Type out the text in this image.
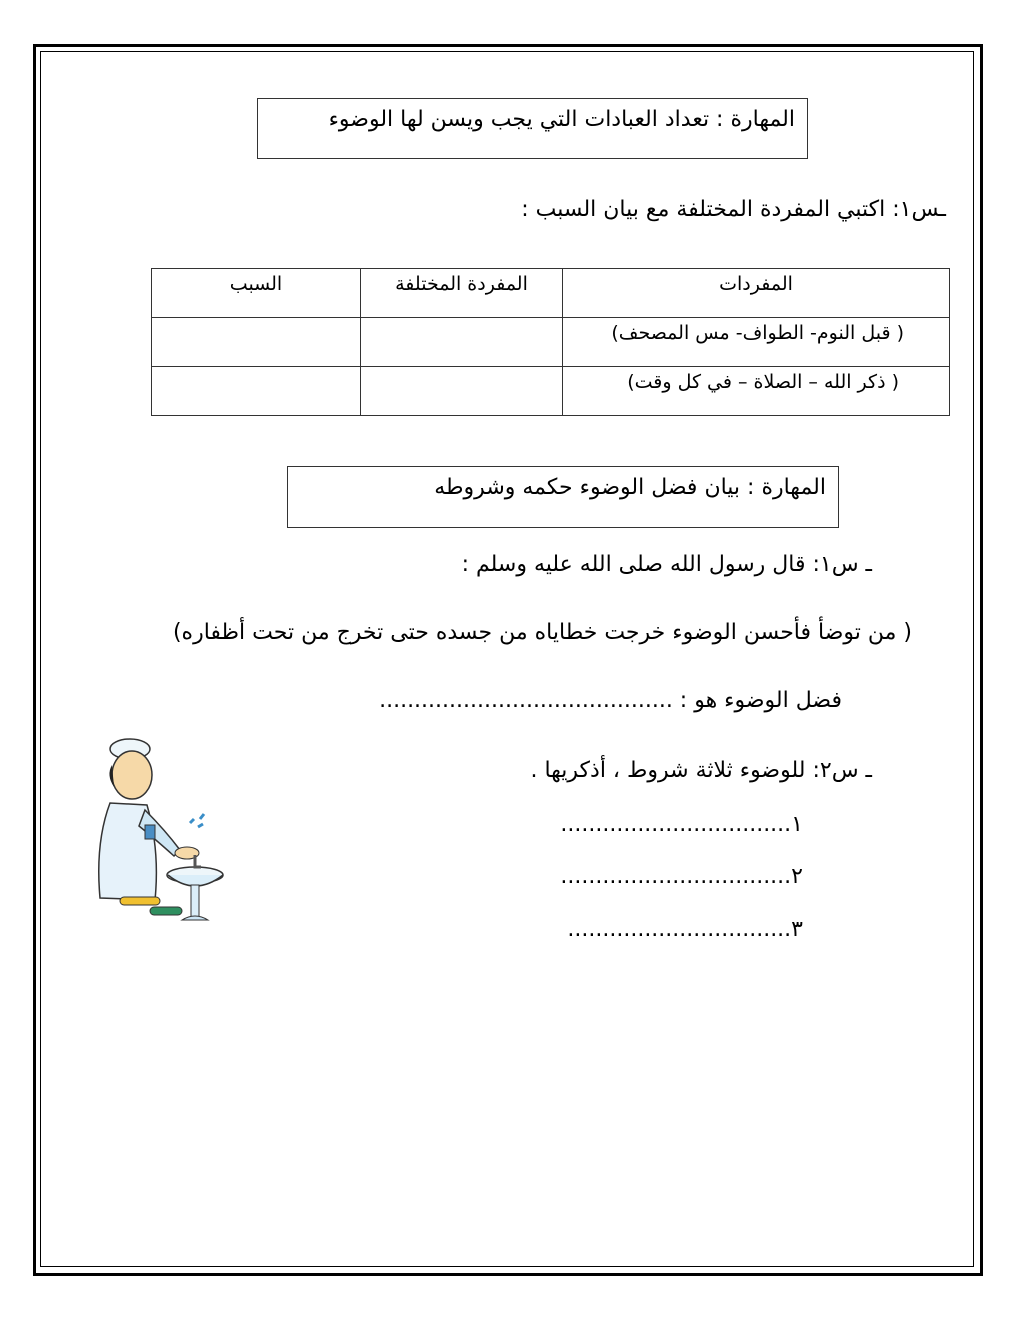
المهارة : تعداد العبادات التي يجب ويسن لها الوضوء
ـس١: اكتبي المفردة المختلفة مع بيان السبب :
المفردات	المفردة المختلفة	السبب
( قبل النوم- الطواف- مس المصحف)		
( ذكر الله – الصلاة – في كل وقت)		
المهارة : بيان فضل الوضوء حكمه وشروطه
ـ س١: قال رسول الله صلى الله عليه وسلم :
( من توضأ فأحسن الوضوء خرجت خطاياه من جسده حتى تخرج من تحت أظفاره)
فضل الوضوء هو : ..........................................
ـ س٢: للوضوء ثلاثة شروط ، أذكريها .
١.................................
٢.................................
٣................................
